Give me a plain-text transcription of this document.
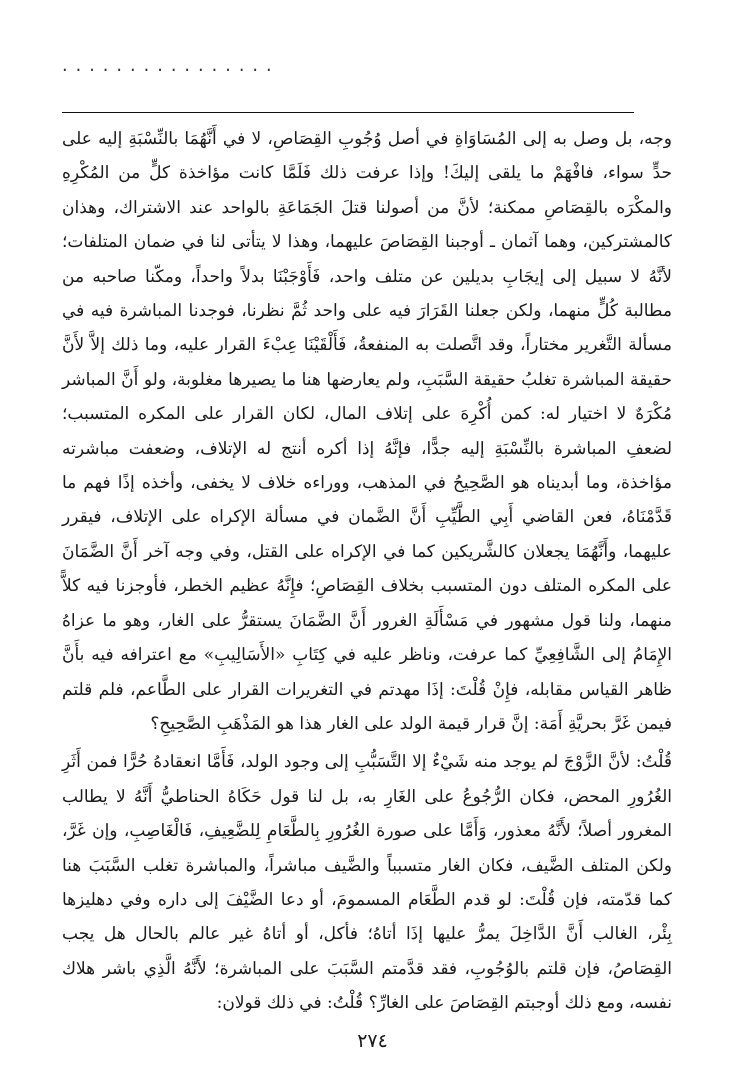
................

وجه، بل وصل به إلى المُسَاوَاةِ في أصل وُجُوبِ القِصَاصِ، لا في أَنَّهُمَا بالنِّسْبَةِ إليه على حدٍّ سواء، فافْهَمْ ما يلقى إليكَ! وإذا عرفت ذلك فَلَمَّا كانت مؤاخذة كلٍّ من المُكْرِهِ والمكْرَه بالقِصَاصِ ممكنة؛ لأنَّ من أصولنا قتلَ الجَمَاعَةِ بالواحد عند الاشتراك، وهذان كالمشتركين، وهما آثمان ـ أوجبنا القِصَاصَ عليهما، وهذا لا يتأتى لنا في ضمان المتلفات؛ لأنَّهُ لا سبيل إلى إيجَابِ بديلين عن متلف واحد، فَأَوْجَبْنَا بدلاً واحداً، ومكّنا صاحبه من مطالبة كُلٍّ منهما، ولكن جعلنا القَرَارَ فيه على واحد ثُمَّ نظرنا، فوجدنا المباشرة فيه في مسألة التَّغرير مختاراً، وقد اتَّصلت به المنفعةُ، فَأَلْقَيْنَا عِبْءَ القرار عليه، وما ذلك إلاَّ لأَنَّ حقيقة المباشرة تغلبُ حقيقة السَّبَبِ، ولم يعارضها هنا ما يصيرها مغلوبة، ولو أَنَّ المباشر مُكْرَهٌ لا اختيار له: كمن أُكْرِهَ على إتلاف المال، لكان القرار على المكره المتسبب؛ لضعفِ المباشرة بالنِّسْبَةِ إليه جدًّا، فإنَّهُ إذا أكره أنتج له الإتلاف، وضعفت مباشرته مؤاخذة، وما أبديناه هو الصَّحِيحُ في المذهب، ووراءه خلاف لا يخفى، وأخذه إذًا فهم ما قَدَّمْنَاهُ، فعن القاضي أَبِي الطَّيِّبِ أَنَّ الضَّمان في مسألة الإكراه على الإتلاف، فيقرر عليهما، وأَنَّهُمَا يجعلان كالشَّريكين كما في الإكراه على القتل، وفي وجه آخر أَنَّ الضَّمَانَ على المكره المتلف دون المتسبب بخلاف القِصَاصِ؛ فإِنَّهُ عظيم الخطر، فأوجزنا فيه كلاًّ منهما، ولنا قول مشهور في مَسْأَلَةِ الغرور أَنَّ الضَّمَانَ يستقرُّ على الغار، وهو ما عزاهُ الإِمَامُ إلى الشَّافِعِيِّ كما عرفت، وناظر عليه في كِتَابِ «الأَسَالِيبِ» مع اعترافه فيه بأَنَّ ظاهر القياس مقابله، فإِنْ قُلْتَ: إذَا مهدتم في التغريرات القرار على الطَّاعم، فلم قلتم فيمن غَرَّ بحريَّةِ أَمَة: إنَّ قرار قيمة الولد على الغار هذا هو المَذْهَبِ الصَّحِيحِ؟

قُلْتُ: لأنَّ الزَّوْجَ لم يوجد منه شَيْءٌ إلا التَّسَبُّبِ إلى وجود الولد، فَأَمَّا انعقادهُ حُرًّا فمن أَثَرِ الغُرُورِ المحض، فكان الرُّجُوعُ على الغَارِ به، بل لنا قول حَكَاهُ الحناطيُّ أَنَّهُ لا يطالب المغرور أصلاً؛ لأَنَّهُ معذور، وَأَمَّا على صورة الغُرُورِ بِالطَّعَامِ لِلضَّعِيفِ، فَالْغَاصِبِ، وإن غَرَّ، ولكن المتلف الضَّيف، فكان الغار متسبباً والضَّيف مباشراً، والمباشرة تغلب السَّبَبَ هنا كما قدّمته، فإن قُلْتَ: لو قدم الطَّعَام المسمومَ، أو دعا الضَّيْفَ إلى داره وفي دهليزها بِئْر، الغالب أَنَّ الدَّاخِلَ يمرُّ عليها إذَا أتاهُ؛ فأكل، أو أتاهُ غير عالم بالحال هل يجب القِصَاصُ، فإن قلتم بالوُجُوبِ، فقد قدَّمتم السَّبَبَ على المباشرة؛ لأَنَّهُ الَّذِي باشر هلاك نفسه، ومع ذلك أوجبتم القِصَاصَ على الغارِّ؟ قُلْتُ: في ذلك قولان:

٢٧٤
